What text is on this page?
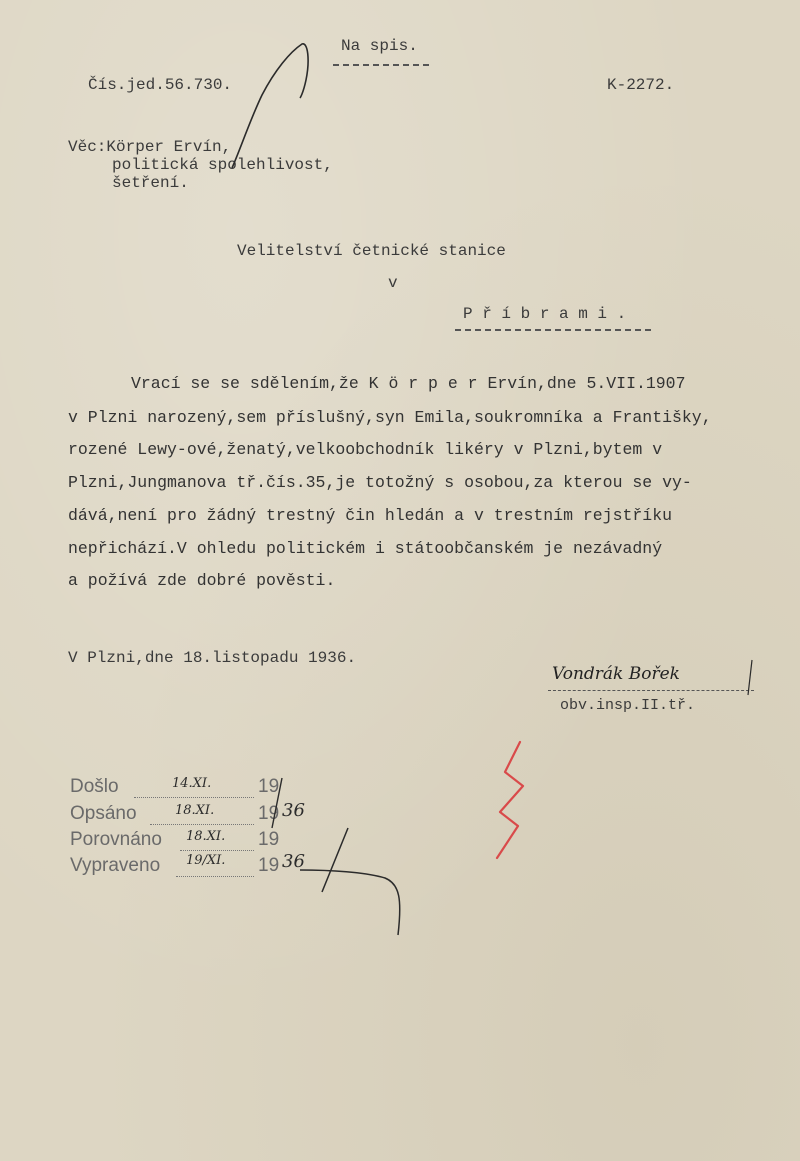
Na spis.
Čís.jed.56.730.	K-2272.
Věc:Körper Ervín,
politická spolehlivost,
šetření.
Velitelství četnické stanice
v
P ř í b r a m i .
Vrací se se sdělením,že K ö r p e r Ervín,dne 5.VII.1907
v Plzni narozený,sem příslušný,syn Emila,soukromníka a Františky,
rozené Lewy-ové,ženatý,velkoobchodník likéry v Plzni,bytem v
Plzni,Jungmanova tř.čís.35,je totožný s osobou,za kterou se vy-
dává,není pro žádný trestný čin hledán a v trestním rejstříku
nepřichází.V ohledu politickém i státoobčanském je nezávadný
a požívá zde dobré pověsti.
V Plzni,dne 18.listopadu 1936.
Vondrák Bořek
obv.insp.II.tř.
Došlo	14.XI. 19
Opsáno	18.XI. 19 36
Porovnáno 18.XI. 19
Vypraveno 19/XI. 19 36
